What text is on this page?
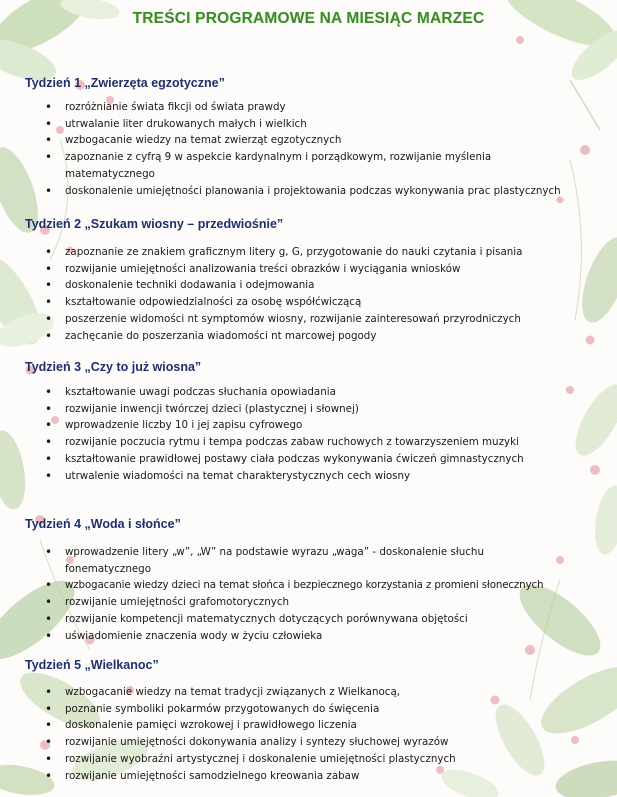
TREŚCI PROGRAMOWE NA MIESIĄC MARZEC
Tydzień 1 „Zwierzęta egzotyczne”
• rozróżnianie świata fikcji od świata prawdy
• utrwalanie liter drukowanych małych i wielkich
• wzbogacanie wiedzy na temat zwierząt egzotycznych
• zapoznanie z cyfrą 9 w aspekcie kardynalnym i porządkowym, rozwijanie myślenia matematycznego
• doskonalenie umiejętności planowania i projektowania podczas wykonywania prac plastycznych
Tydzień 2 „Szukam wiosny – przedwiośnie”
• zapoznanie ze znakiem graficznym litery g, G, przygotowanie do nauki czytania i pisania
• rozwijanie umiejętności analizowania treści obrazków i wyciągania wniosków
• doskonalenie techniki dodawania i odejmowania
• kształtowanie odpowiedzialności za osobę współćwiczącą
• poszerzenie widomości nt symptomów wiosny, rozwijanie zainteresowań przyrodniczych
• zachęcanie do poszerzania wiadomości nt marcowej pogody
Tydzień 3 „Czy to już wiosna”
• kształtowanie uwagi podczas słuchania opowiadania
• rozwijanie inwencji twórczej dzieci (plastycznej i słownej)
• wprowadzenie liczby 10 i jej zapisu cyfrowego
• rozwijanie poczucia rytmu i tempa podczas zabaw ruchowych z towarzyszeniem muzyki
• kształtowanie prawidłowej postawy ciała podczas wykonywania ćwiczeń gimnastycznych
• utrwalenie wiadomości na temat charakterystycznych cech wiosny
Tydzień 4 „Woda i słońce”
• wprowadzenie litery „w”, „W” na podstawie wyrazu „waga” - doskonalenie słuchu fonematycznego
• wzbogacanie wiedzy dzieci na temat słońca i bezpiecznego korzystania z promieni słonecznych
• rozwijanie umiejętności grafomotorycznych
• rozwijanie kompetencji matematycznych dotyczących porównywana objętości
• uświadomienie znaczenia wody w życiu człowieka
Tydzień 5 „Wielkanoc”
• wzbogacanie wiedzy na temat tradycji związanych z Wielkanocą,
• poznanie symboliki pokarmów przygotowanych do święcenia
• doskonalenie pamięci wzrokowej i prawidłowego liczenia
• rozwijanie umiejętności dokonywania analizy i syntezy słuchowej wyrazów
• rozwijanie wyobraźni artystycznej i doskonalenie umiejętności plastycznych
• rozwijanie umiejętności samodzielnego kreowania zabaw
